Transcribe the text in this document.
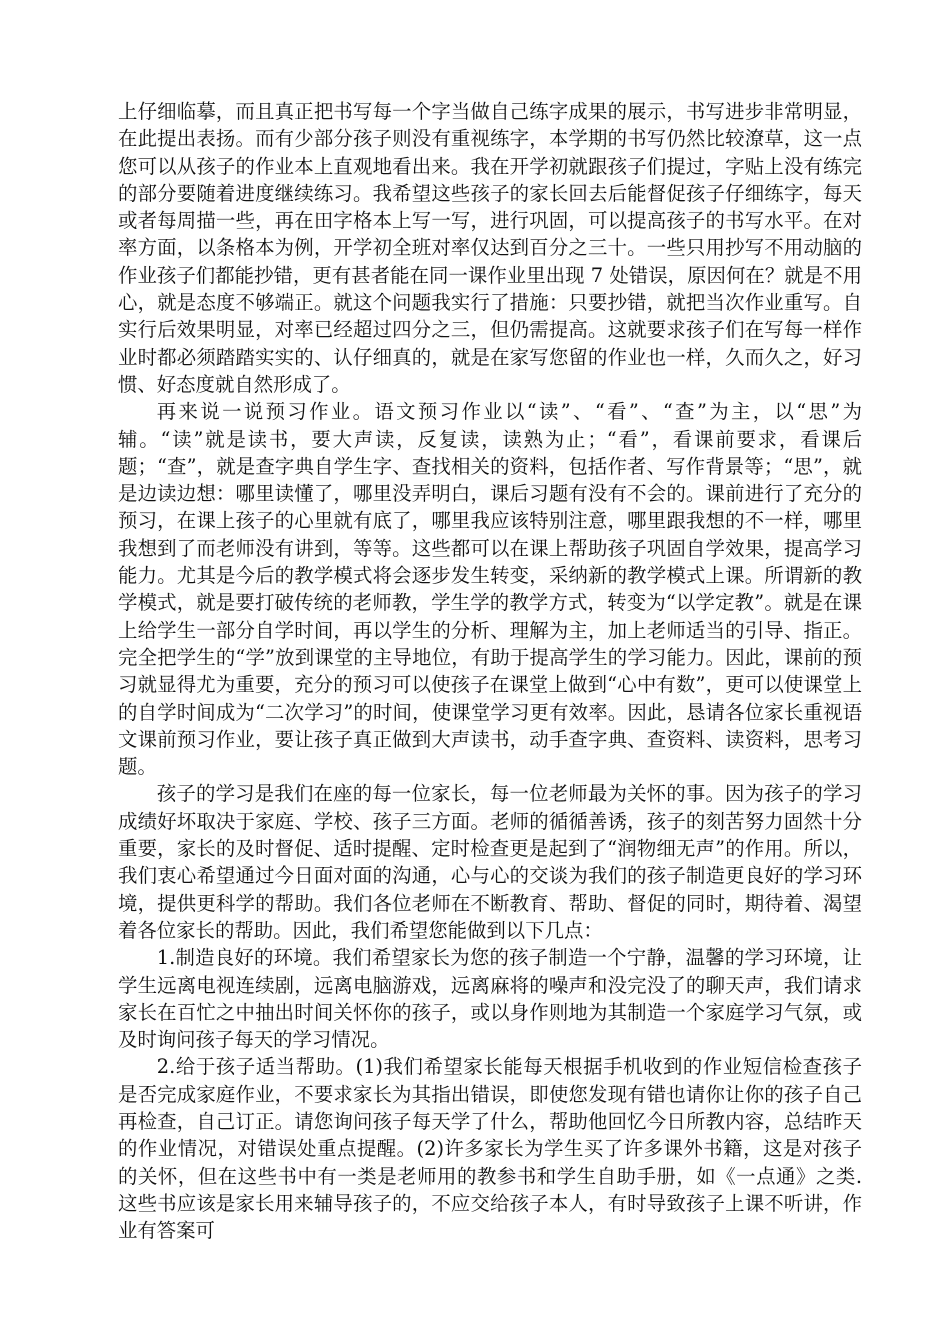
上仔细临摹，而且真正把书写每一个字当做自己练字成果的展示，书写进步非常明显，在此提出表扬。而有少部分孩子则没有重视练字，本学期的书写仍然比较潦草，这一点您可以从孩子的作业本上直观地看出来。我在开学初就跟孩子们提过，字贴上没有练完的部分要随着进度继续练习。我希望这些孩子的家长回去后能督促孩子仔细练字，每天或者每周描一些，再在田字格本上写一写，进行巩固，可以提高孩子的书写水平。在对率方面，以条格本为例，开学初全班对率仅达到百分之三十。一些只用抄写不用动脑的作业孩子们都能抄错，更有甚者能在同一课作业里出现 7 处错误，原因何在？就是不用心，就是态度不够端正。就这个问题我实行了措施：只要抄错，就把当次作业重写。自实行后效果明显，对率已经超过四分之三，但仍需提高。这就要求孩子们在写每一样作业时都必须踏踏实实的、认仔细真的，就是在家写您留的作业也一样，久而久之，好习惯、好态度就自然形成了。

再来说一说预习作业。语文预习作业以“读”、“看”、“查”为主，以“思”为辅。“读”就是读书，要大声读，反复读，读熟为止；“看”，看课前要求，看课后题；“查”，就是查字典自学生字、查找相关的资料，包括作者、写作背景等；“思”，就是边读边想：哪里读懂了，哪里没弄明白，课后习题有没有不会的。课前进行了充分的预习，在课上孩子的心里就有底了，哪里我应该特别注意，哪里跟我想的不一样，哪里我想到了而老师没有讲到，等等。这些都可以在课上帮助孩子巩固自学效果，提高学习能力。尤其是今后的教学模式将会逐步发生转变，采纳新的教学模式上课。所谓新的教学模式，就是要打破传统的老师教，学生学的教学方式，转变为“以学定教”。就是在课上给学生一部分自学时间，再以学生的分析、理解为主，加上老师适当的引导、指正。完全把学生的“学”放到课堂的主导地位，有助于提高学生的学习能力。因此，课前的预习就显得尤为重要，充分的预习可以使孩子在课堂上做到“心中有数”，更可以使课堂上的自学时间成为“二次学习”的时间，使课堂学习更有效率。因此，恳请各位家长重视语文课前预习作业，要让孩子真正做到大声读书，动手查字典、查资料、读资料，思考习题。

孩子的学习是我们在座的每一位家长，每一位老师最为关怀的事。因为孩子的学习成绩好坏取决于家庭、学校、孩子三方面。老师的循循善诱，孩子的刻苦努力固然十分重要，家长的及时督促、适时提醒、定时检查更是起到了“润物细无声”的作用。所以，我们衷心希望通过今日面对面的沟通，心与心的交谈为我们的孩子制造更良好的学习环境，提供更科学的帮助。我们各位老师在不断教育、帮助、督促的同时，期待着、渴望着各位家长的帮助。因此，我们希望您能做到以下几点：

1.制造良好的环境。我们希望家长为您的孩子制造一个宁静，温馨的学习环境，让学生远离电视连续剧，远离电脑游戏，远离麻将的噪声和没完没了的聊天声，我们请求家长在百忙之中抽出时间关怀你的孩子，或以身作则地为其制造一个家庭学习气氛，或及时询问孩子每天的学习情况。

2.给于孩子适当帮助。(1)我们希望家长能每天根据手机收到的作业短信检查孩子是否完成家庭作业，不要求家长为其指出错误，即使您发现有错也请你让你的孩子自己再检查，自己订正。请您询问孩子每天学了什么，帮助他回忆今日所教内容，总结昨天的作业情况，对错误处重点提醒。(2)许多家长为学生买了许多课外书籍，这是对孩子的关怀，但在这些书中有一类是老师用的教参书和学生自助手册，如《一点通》之类. 这些书应该是家长用来辅导孩子的，不应交给孩子本人，有时导致孩子上课不听讲，作业有答案可
